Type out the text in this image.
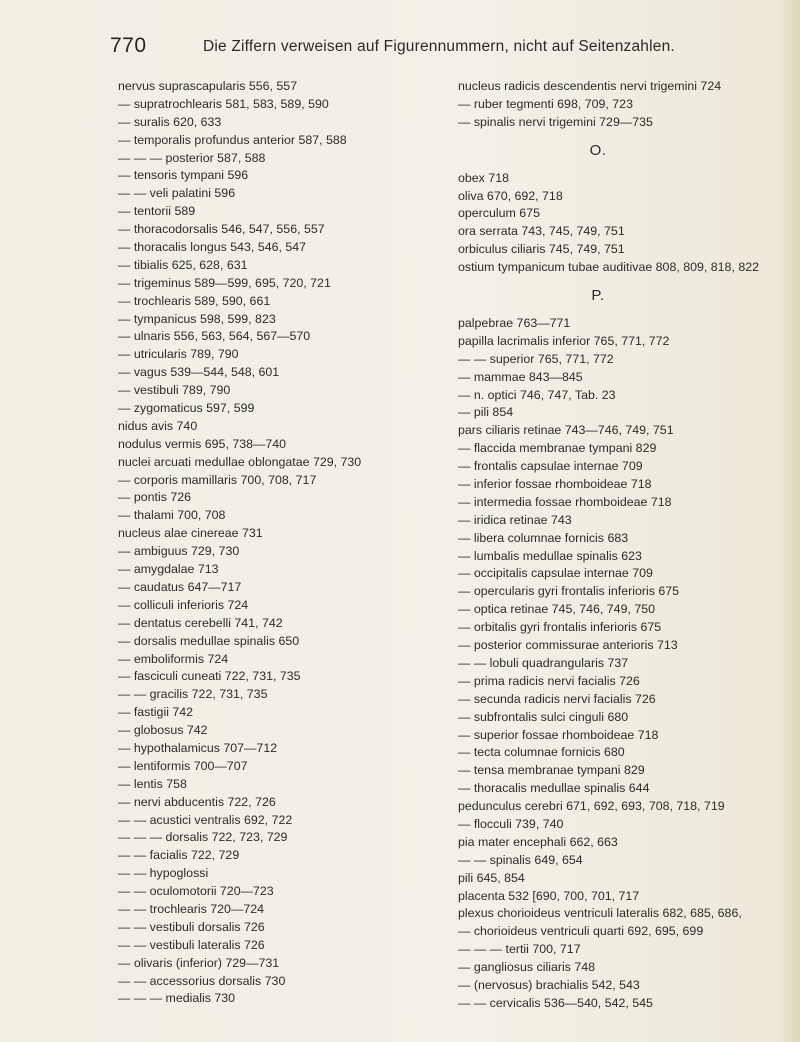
770	Die Ziffern verweisen auf Figurennummern, nicht auf Seitenzahlen.
nervus suprascapularis 556, 557
— supratrochlearis 581, 583, 589, 590
— suralis 620, 633
— temporalis profundus anterior 587, 588
— — — posterior 587, 588
— tensoris tympani 596
— — veli palatini 596
— tentorii 589
— thoracodorsalis 546, 547, 556, 557
— thoracalis longus 543, 546, 547
— tibialis 625, 628, 631
— trigeminus 589—599, 695, 720, 721
— trochlearis 589, 590, 661
— tympanicus 598, 599, 823
— ulnaris 556, 563, 564, 567—570
— utricularis 789, 790
— vagus 539—544, 548, 601
— vestibuli 789, 790
— zygomaticus 597, 599
nidus avis 740
nodulus vermis 695, 738—740
nuclei arcuati medullae oblongatae 729, 730
— corporis mamillaris 700, 708, 717
— pontis 726
— thalami 700, 708
nucleus alae cinereae 731
— ambiguus 729, 730
— amygdalae 713
— caudatus 647—717
— colliculi inferioris 724
— dentatus cerebelli 741, 742
— dorsalis medullae spinalis 650
— emboliformis 724
— fasciculi cuneati 722, 731, 735
— — gracilis 722, 731, 735
— fastigii 742
— globosus 742
— hypothalamicus 707—712
— lentiformis 700—707
— lentis 758
— nervi abducentis 722, 726
— — acustici ventralis 692, 722
— — — dorsalis 722, 723, 729
— — facialis 722, 729
— — hypoglossi
— — oculomotorii 720—723
— — trochlearis 720—724
— — vestibuli dorsalis 726
— — vestibuli lateralis 726
— olivaris (inferior) 729—731
— — accessorius dorsalis 730
— — — medialis 730
nucleus radicis descendentis nervi trigemini 724
— ruber tegmenti 698, 709, 723
— spinalis nervi trigemini 729—735
O.
obex 718
oliva 670, 692, 718
operculum 675
ora serrata 743, 745, 749, 751
orbiculus ciliaris 745, 749, 751
ostium tympanicum tubae auditivae 808, 809, 818, 822
P.
palpebrae 763—771
papilla lacrimalis inferior 765, 771, 772
— — superior 765, 771, 772
— mammae 843—845
— n. optici 746, 747, Tab. 23
— pili 854
pars ciliaris retinae 743—746, 749, 751
— flaccida membranae tympani 829
— frontalis capsulae internae 709
— inferior fossae rhomboideae 718
— intermedia fossae rhomboideae 718
— iridica retinae 743
— libera columnae fornicis 683
— lumbalis medullae spinalis 623
— occipitalis capsulae internae 709
— opercularis gyri frontalis inferioris 675
— optica retinae 745, 746, 749, 750
— orbitalis gyri frontalis inferioris 675
— posterior commissurae anterioris 713
— — lobuli quadrangularis 737
— prima radicis nervi facialis 726
— secunda radicis nervi facialis 726
— subfrontalis sulci cinguli 680
— superior fossae rhomboideae 718
— tecta columnae fornicis 680
— tensa membranae tympani 829
— thoracalis medullae spinalis 644
pedunculus cerebri 671, 692, 693, 708, 718, 719
— flocculi 739, 740
pia mater encephali 662, 663
— — spinalis 649, 654
pili 645, 854
placenta 532 [690, 700, 701, 717
plexus chorioideus ventriculi lateralis 682, 685, 686,
— chorioideus ventriculi quarti 692, 695, 699
— — — tertii 700, 717
— gangliosus ciliaris 748
— (nervosus) brachialis 542, 543
— — cervicalis 536—540, 542, 545
